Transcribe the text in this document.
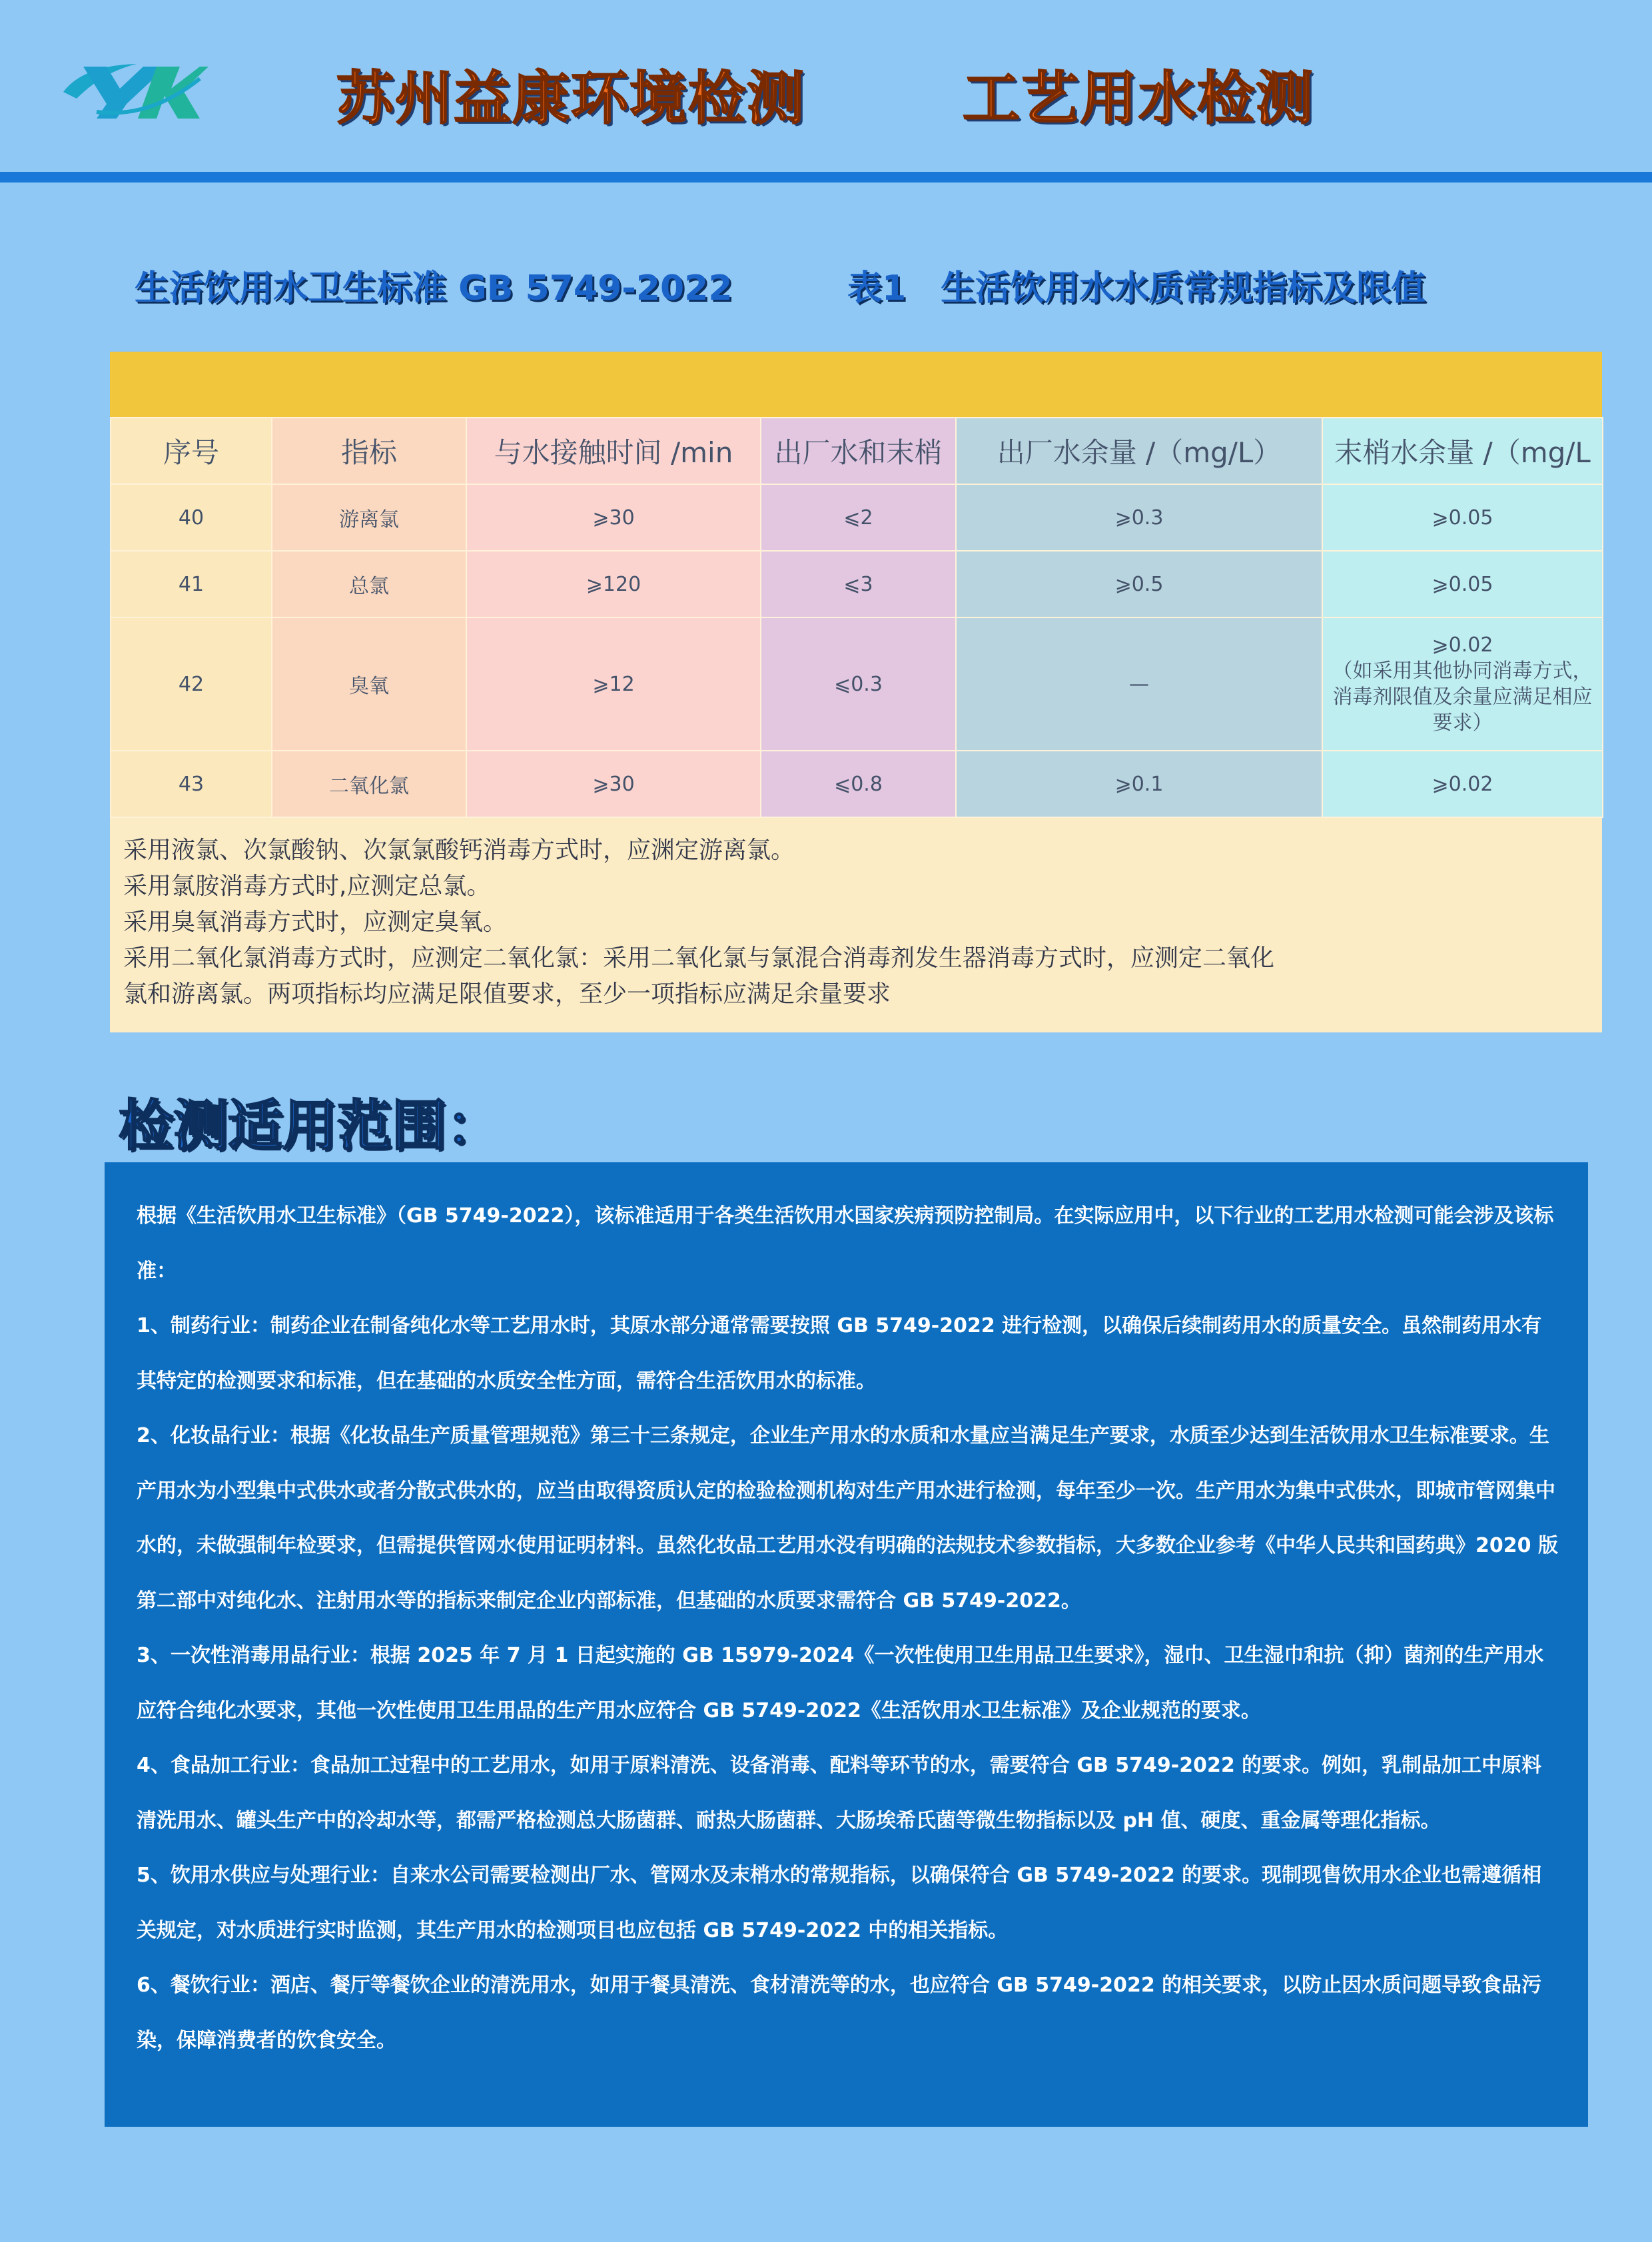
苏州益康环境检测	工艺用水检测
生活饮用水卫生标准 GB 5749-2022	表1　生活饮用水水质常规指标及限值
序号	指标	与水接触时间 /min	出厂水和末梢	出厂水余量 /（mg/L）	末梢水余量 /（mg/L
40	游离氯	⩾30	⩽2	⩾0.3	⩾0.05
41	总氯	⩾120	⩽3	⩾0.5	⩾0.05
42	臭氧	⩾12	⩽0.3	—	⩾0.02
（如采用其他协同消毒方式，
消毒剂限值及余量应满足相应
要求）

43	二氧化氯	⩾30	⩽0.8	⩾0.1	⩾0.02
采用液氯、次氯酸钠、次氯氯酸钙消毒方式时，应渊定游离氯。
采用氯胺消毒方式时,应测定总氯。
采用臭氧消毒方式时，应测定臭氧。
采用二氧化氯消毒方式时，应测定二氧化氯：采用二氧化氯与氯混合消毒剂发生器消毒方式时，应测定二氧化
氯和游离氯。两项指标均应满足限值要求，至少一项指标应满足余量要求
检测适用范围：

根据《生活饮用水卫生标准》（GB 5749-2022），该标准适用于各类生活饮用水国家疾病预防控制局。在实际应用中，以下行业的工艺用水检测可能会涉及该标准：

1、制药行业：制药企业在制备纯化水等工艺用水时，其原水部分通常需要按照 GB 5749-2022 进行检测，以确保后续制药用水的质量安全。虽然制药用水有其特定的检测要求和标准，但在基础的水质安全性方面，需符合生活饮用水的标准。

2、化妆品行业：根据《化妆品生产质量管理规范》第三十三条规定，企业生产用水的水质和水量应当满足生产要求，水质至少达到生活饮用水卫生标准要求。生产用水为小型集中式供水或者分散式供水的，应当由取得资质认定的检验检测机构对生产用水进行检测，每年至少一次。生产用水为集中式供水，即城市管网集中水的，未做强制年检要求，但需提供管网水使用证明材料。虽然化妆品工艺用水没有明确的法规技术参数指标，大多数企业参考《中华人民共和国药典》2020 版第二部中对纯化水、注射用水等的指标来制定企业内部标准，但基础的水质要求需符合 GB 5749-2022。

3、一次性消毒用品行业：根据 2025 年 7 月 1 日起实施的 GB 15979-2024《一次性使用卫生用品卫生要求》，湿巾、卫生湿巾和抗（抑）菌剂的生产用水应符合纯化水要求，其他一次性使用卫生用品的生产用水应符合 GB 5749-2022《生活饮用水卫生标准》及企业规范的要求。

4、食品加工行业：食品加工过程中的工艺用水，如用于原料清洗、设备消毒、配料等环节的水，需要符合 GB 5749-2022 的要求。例如，乳制品加工中原料清洗用水、罐头生产中的冷却水等，都需严格检测总大肠菌群、耐热大肠菌群、大肠埃希氏菌等微生物指标以及 pH 值、硬度、重金属等理化指标。

5、饮用水供应与处理行业：自来水公司需要检测出厂水、管网水及末梢水的常规指标，以确保符合 GB 5749-2022 的要求。现制现售饮用水企业也需遵循相关规定，对水质进行实时监测，其生产用水的检测项目也应包括 GB 5749-2022 中的相关指标。

6、餐饮行业：酒店、餐厅等餐饮企业的清洗用水，如用于餐具清洗、食材清洗等的水，也应符合 GB 5749-2022 的相关要求，以防止因水质问题导致食品污染，保障消费者的饮食安全。
